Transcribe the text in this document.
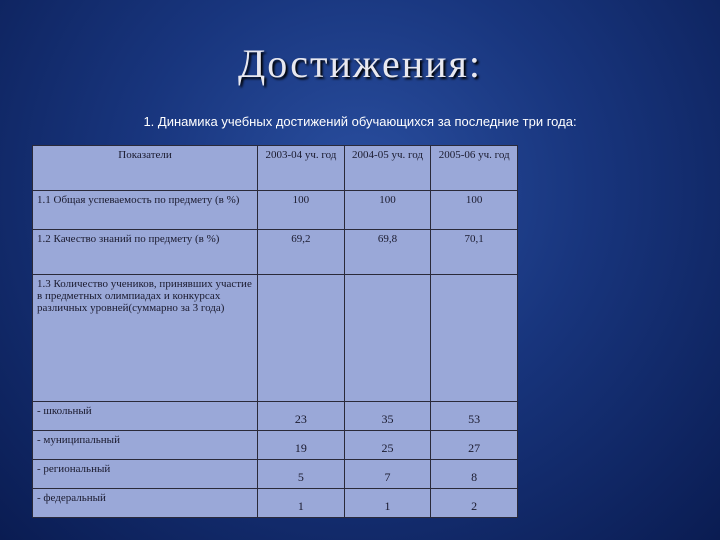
Достижения:
1. Динамика учебных достижений обучающихся за последние три года:
Показатели	2003-04 уч. год	2004-05 уч. год	2005-06 уч. год
1.1 Общая успеваемость по предмету (в %)	100	100	100
1.2 Качество знаний по предмету (в %)	69,2	69,8	70,1
1.3 Количество учеников, принявших участие в предметных олимпиадах и конкурсах различных уровней(суммарно за 3 года)			
- школьный	23	35	53
- муниципальный	19	25	27
- региональный	5	7	8
- федеральный	1	1	2
